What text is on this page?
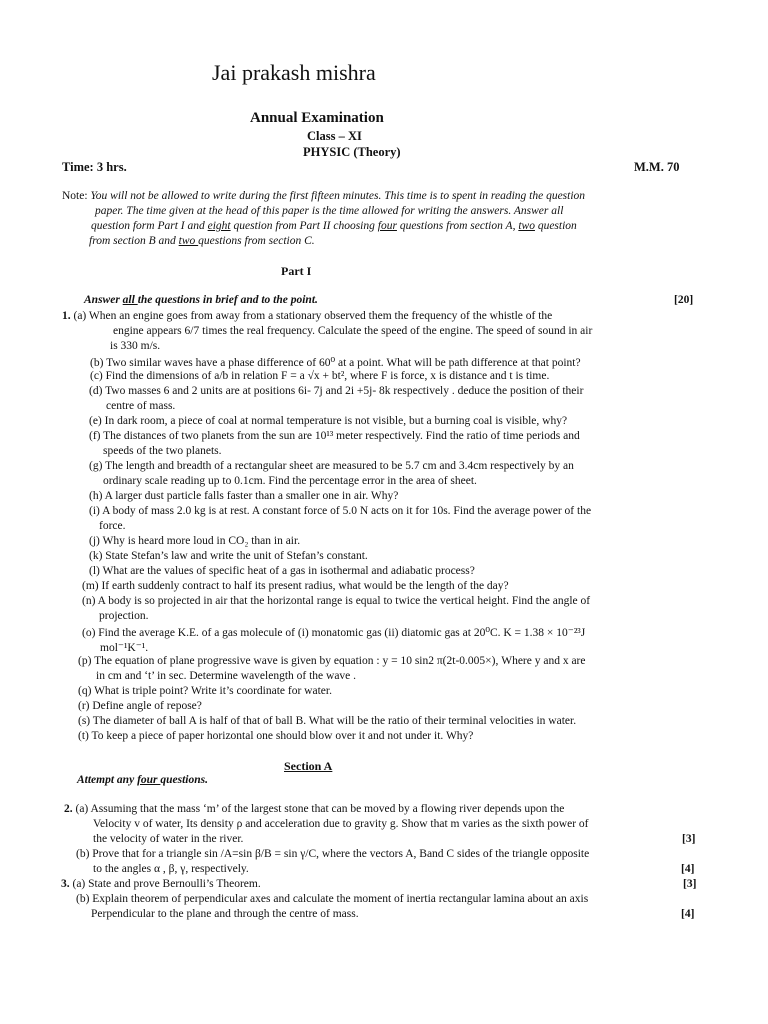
Jai prakash mishra
Annual Examination
Class – XI
PHYSIC (Theory)
Time: 3 hrs.	M.M. 70
Note: You will not be allowed to write during the first fifteen minutes. This time is to spent in reading the question
paper. The time given at the head of this paper is the time allowed for writing the answers. Answer all
question form Part I and eight question from Part II choosing four questions from section A, two question
from section B and two questions from section C.
Part I
Answer all the questions in brief and to the point.	[20]
1. (a) When an engine goes from away from a stationary observed them the frequency of the whistle of the
engine appears 6/7 times the real frequency. Calculate the speed of the engine. The speed of sound in air
is 330 m/s.
(b) Two similar waves have a phase difference of 60⁰ at a point. What will be path difference at that point?
(c) Find the dimensions of a/b in relation F = a √x + bt², where F is force, x is distance and t is time.
(d) Two masses 6 and 2 units are at positions 6i- 7j and 2i +5j- 8k respectively . deduce the position of their
centre of mass.
(e) In dark room, a piece of coal at normal temperature is not visible, but a burning coal is visible, why?
(f) The distances of two planets from the sun are 10¹³ meter respectively. Find the ratio of time periods and
speeds of the two planets.
(g) The length and breadth of a rectangular sheet are measured to be 5.7 cm and 3.4cm respectively by an
ordinary scale reading up to 0.1cm. Find the percentage error in the area of sheet.
(h) A larger dust particle falls faster than a smaller one in air. Why?
(i) A body of mass 2.0 kg is at rest. A constant force of 5.0 N acts on it for 10s. Find the average power of the
force.
(j) Why is heard more loud in CO₂ than in air.
(k) State Stefan’s law and write the unit of Stefan’s constant.
(l) What are the values of specific heat of a gas in isothermal and adiabatic process?
(m) If earth suddenly contract to half its present radius, what would be the length of the day?
(n) A body is so projected in air that the horizontal range is equal to twice the vertical height. Find the angle of
projection.
(o) Find the average K.E. of a gas molecule of (i) monatomic gas (ii) diatomic gas at 20⁰C. K = 1.38 × 10⁻²³J
mol⁻¹K⁻¹.
(p) The equation of plane progressive wave is given by equation : y = 10 sin2 π(2t-0.005×), Where y and x are
in cm and ‘t’ in sec. Determine wavelength of the wave .
(q) What is triple point? Write it’s coordinate for water.
(r) Define angle of repose?
(s) The diameter of ball A is half of that of ball B. What will be the ratio of their terminal velocities in water.
(t) To keep a piece of paper horizontal one should blow over it and not under it. Why?
Section A
Attempt any four questions.
2. (a) Assuming that the mass ‘m’ of the largest stone that can be moved by a flowing river depends upon the
Velocity v of water, Its density ρ and acceleration due to gravity g. Show that m varies as the sixth power of
the velocity of water in the river.	[3]
(b) Prove that for a triangle sin /A=sin β/B = sin γ/C, where the vectors A, Band C sides of the triangle opposite
to the angles α , β, γ, respectively.	[4]
3. (a) State and prove Bernoulli’s Theorem.	[3]
(b) Explain theorem of perpendicular axes and calculate the moment of inertia rectangular lamina about an axis
Perpendicular to the plane and through the centre of mass.	[4]
